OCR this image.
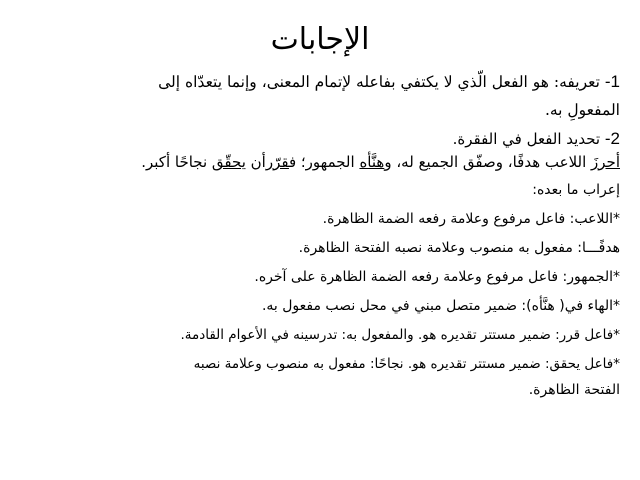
الإجابات
1- تعريفه: هو الفعل الّذي لا يكتفي بفاعله لإتمام المعنى، وإنما يتعدّاه إلى
المفعولِ به.
2- تحديد الفعل في الفقرة.
أحرزَ اللاعب هدفًا، وصفّق الجميع له، وهنَّأه الجمهور؛ فقرّرأن يحقّق نجاحًا أكبر.
إعراب ما بعده:
*اللاعب: فاعل مرفوع وعلامة رفعه الضمة الظاهرة.
هدفًـــا: مفعول به منصوب وعلامة نصبه الفتحة الظاهرة.
*الجمهور: فاعل مرفوع وعلامة رفعه الضمة الظاهرة على آخره.
*الهاء في( هنَّأه): ضمير متصل مبني في محل نصب مفعول به.
*فاعل قرر: ضمير مستتر تقديره هو. والمفعول به: تدرسينه في الأعوام القادمة.
*فاعل يحقق: ضمير مستتر تقديره هو. نجاحًا: مفعول به منصوب وعلامة نصبه
الفتحة الظاهرة.
